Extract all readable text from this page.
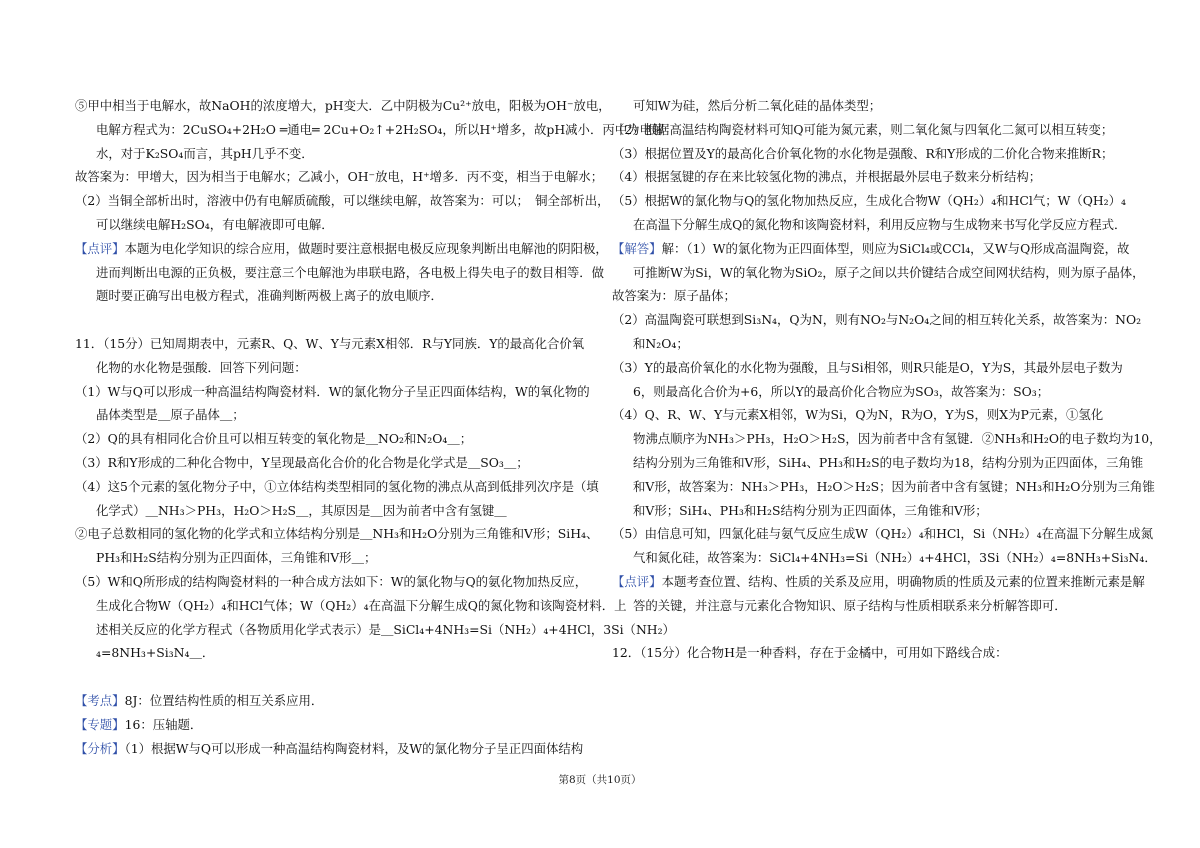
⑤甲中相当于电解水，故NaOH的浓度增大，pH变大．乙中阴极为Cu²⁺放电，阳极为OH⁻放电，
电解方程式为：2CuSO₄+2H₂O ═通电═ 2Cu+O₂↑+2H₂SO₄，所以H⁺增多，故pH减小．丙中为电解
水，对于K₂SO₄而言，其pH几乎不变．
故答案为：甲增大，因为相当于电解水；乙减小，OH⁻放电，H⁺增多．丙不变，相当于电解水；
（2）当铜全部析出时，溶液中仍有电解质硫酸，可以继续电解，故答案为：可以；　铜全部析出，
可以继续电解H₂SO₄，有电解液即可电解．
【点评】本题为电化学知识的综合应用，做题时要注意根据电极反应现象判断出电解池的阴阳极，
进而判断出电源的正负极，要注意三个电解池为串联电路，各电极上得失电子的数目相等．做
题时要正确写出电极方程式，准确判断两极上离子的放电顺序．
11．（15分）已知周期表中，元素R、Q、W、Y与元素X相邻．R与Y同族．Y的最高化合价氧
化物的水化物是强酸．回答下列问题：
（1）W与Q可以形成一种高温结构陶瓷材料．W的氯化物分子呈正四面体结构，W的氧化物的
晶体类型是＿原子晶体＿；
（2）Q的具有相同化合价且可以相互转变的氧化物是＿NO₂和N₂O₄＿；
（3）R和Y形成的二种化合物中，Y呈现最高化合价的化合物是化学式是＿SO₃＿；
（4）这5个元素的氢化物分子中，①立体结构类型相同的氢化物的沸点从高到低排列次序是（填
化学式）＿NH₃＞PH₃，H₂O＞H₂S＿，其原因是＿因为前者中含有氢键＿
②电子总数相同的氢化物的化学式和立体结构分别是＿NH₃和H₂O分别为三角锥和V形；SiH₄、
PH₃和H₂S结构分别为正四面体，三角锥和V形＿；
（5）W和Q所形成的结构陶瓷材料的一种合成方法如下：W的氯化物与Q的氨化物加热反应，
生成化合物W（QH₂）₄和HCl气体；W（QH₂）₄在高温下分解生成Q的氮化物和该陶瓷材料．上
述相关反应的化学方程式（各物质用化学式表示）是＿SiCl₄+4NH₃=Si（NH₂）₄+4HCl，3Si（NH₂）
₄=8NH₃+Si₃N₄＿．
【考点】8J：位置结构性质的相互关系应用．
【专题】16：压轴题．
【分析】（1）根据W与Q可以形成一种高温结构陶瓷材料，及W的氯化物分子呈正四面体结构
可知W为硅，然后分析二氧化硅的晶体类型；
（2）根据高温结构陶瓷材料可知Q可能为氮元素，则二氧化氮与四氧化二氮可以相互转变；
（3）根据位置及Y的最高化合价氧化物的水化物是强酸、R和Y形成的二价化合物来推断R；
（4）根据氢键的存在来比较氢化物的沸点，并根据最外层电子数来分析结构；
（5）根据W的氯化物与Q的氢化物加热反应，生成化合物W（QH₂）₄和HCl气；W（QH₂）₄
在高温下分解生成Q的氮化物和该陶瓷材料，利用反应物与生成物来书写化学反应方程式．
【解答】解：（1）W的氯化物为正四面体型，则应为SiCl₄或CCl₄，又W与Q形成高温陶瓷，故
可推断W为Si，W的氧化物为SiO₂，原子之间以共价键结合成空间网状结构，则为原子晶体，
故答案为：原子晶体；
（2）高温陶瓷可联想到Si₃N₄，Q为N，则有NO₂与N₂O₄之间的相互转化关系，故答案为：NO₂
和N₂O₄；
（3）Y的最高价氧化的水化物为强酸，且与Si相邻，则R只能是O，Y为S，其最外层电子数为
6，则最高化合价为+6，所以Y的最高价化合物应为SO₃，故答案为：SO₃；
（4）Q、R、W、Y与元素X相邻，W为Si，Q为N，R为O，Y为S，则X为P元素，①氢化
物沸点顺序为NH₃＞PH₃，H₂O＞H₂S，因为前者中含有氢键．②NH₃和H₂O的电子数均为10，
结构分别为三角锥和V形，SiH₄、PH₃和H₂S的电子数均为18，结构分别为正四面体，三角锥
和V形，故答案为：NH₃＞PH₃，H₂O＞H₂S；因为前者中含有氢键；NH₃和H₂O分别为三角锥
和V形；SiH₄、PH₃和H₂S结构分别为正四面体，三角锥和V形；
（5）由信息可知，四氯化硅与氨气反应生成W（QH₂）₄和HCl，Si（NH₂）₄在高温下分解生成氮
气和氮化硅，故答案为：SiCl₄+4NH₃=Si（NH₂）₄+4HCl，3Si（NH₂）₄=8NH₃+Si₃N₄．
【点评】本题考查位置、结构、性质的关系及应用，明确物质的性质及元素的位置来推断元素是解
答的关键，并注意与元素化合物知识、原子结构与性质相联系来分析解答即可．
12．（15分）化合物H是一种香料，存在于金橘中，可用如下路线合成：
第8页（共10页）
